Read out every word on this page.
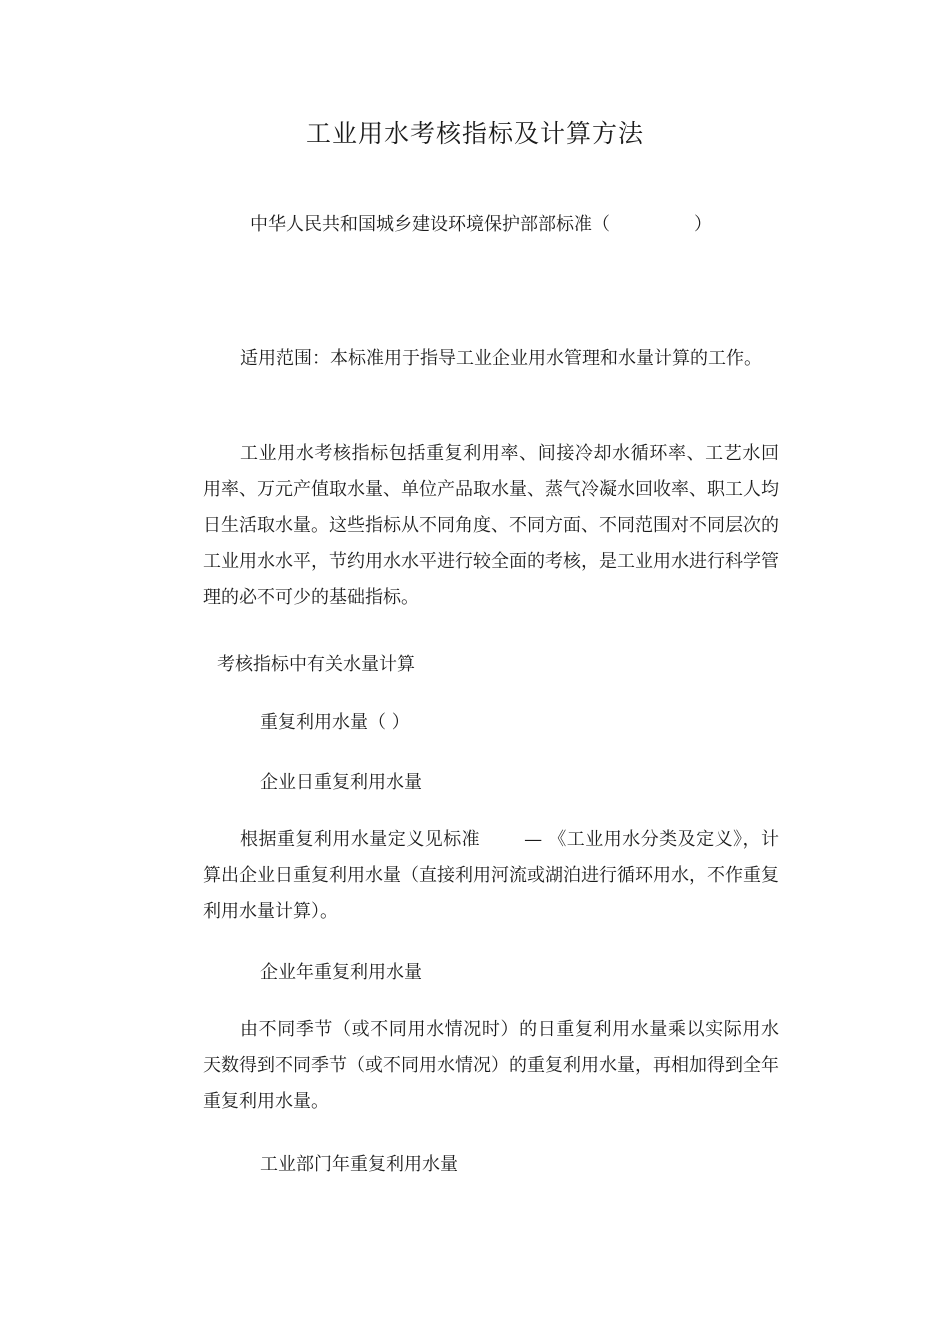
工业用水考核指标及计算方法
中华人民共和国城乡建设环境保护部部标准（	）

适用范围：本标准用于指导工业企业用水管理和水量计算的工作。

工业用水考核指标包括重复利用率、间接冷却水循环率、工艺水回用率、万元产值取水量、单位产品取水量、蒸气冷凝水回收率、职工人均日生活取水量。这些指标从不同角度、不同方面、不同范围对不同层次的工业用水水平，节约用水水平进行较全面的考核，是工业用水进行科学管理的必不可少的基础指标。

考核指标中有关水量计算

重复利用水量（ ）

企业日重复利用水量

根据重复利用水量定义见标准 — 《工业用水分类及定义》，计算出企业日重复利用水量（直接利用河流或湖泊进行循环用水，不作重复利用水量计算）。

企业年重复利用水量

由不同季节（或不同用水情况时）的日重复利用水量乘以实际用水天数得到不同季节（或不同用水情况）的重复利用水量，再相加得到全年重复利用水量。

工业部门年重复利用水量
